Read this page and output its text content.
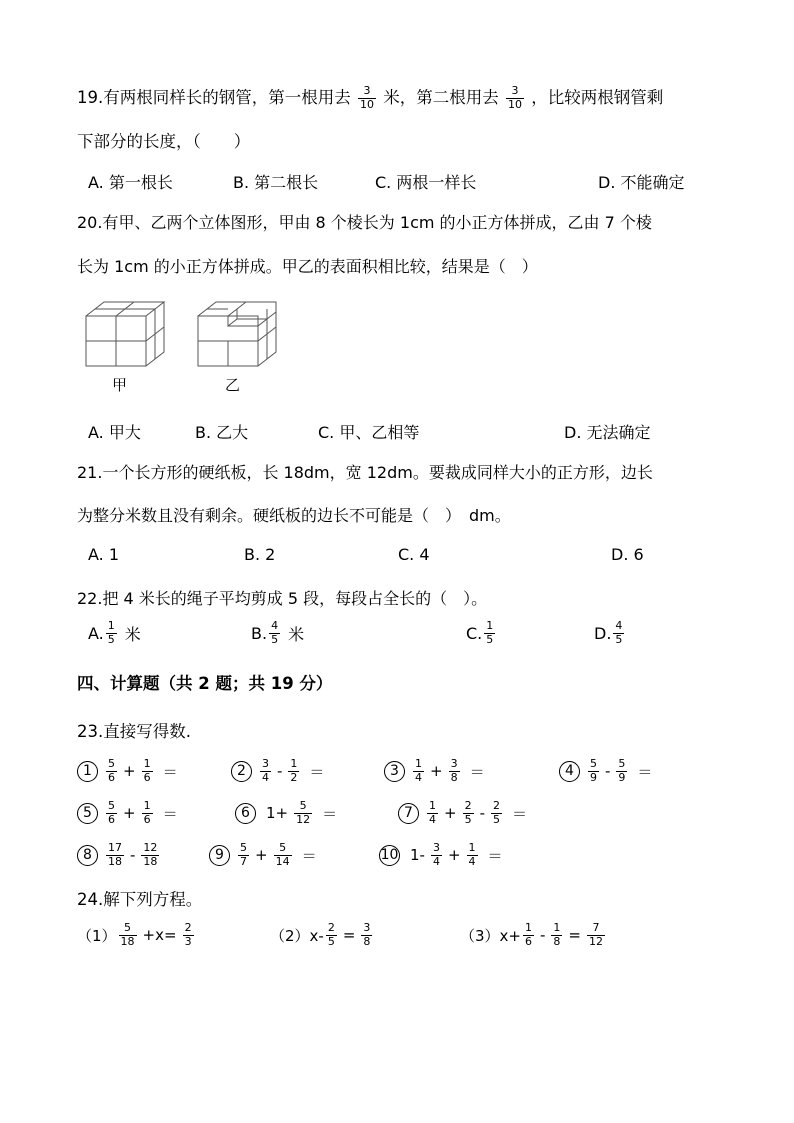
19.有两根同样长的钢管，第一根用去 $\frac{3}{10}$ 米，第二根用去 $\frac{3}{10}$ ，比较两根钢管剩
下部分的长度，（　　）
A. 第一根长	B. 第二根长	C. 两根一样长	D. 不能确定
20.有甲、乙两个立体图形，甲由 8 个棱长为 1cm 的小正方体拼成，乙由 7 个棱
长为 1cm 的小正方体拼成。甲乙的表面积相比较，结果是（　）
甲	乙
A. 甲大	B. 乙大	C. 甲、乙相等	D. 无法确定
21.一个长方形的硬纸板，长 18dm，宽 12dm。要裁成同样大小的正方形，边长
为整分米数且没有剩余。硬纸板的边长不可能是（　）　dm。
A. 1	B. 2	C. 4	D. 6
22.把 4 米长的绳子平均剪成 5 段，每段占全长的（　）。
A. $\frac{1}{5}$ 米	B. $\frac{4}{5}$ 米	C. $\frac{1}{5}$	D. $\frac{4}{5}$
四、计算题（共 2 题；共 19 分）
23.直接写得数.
1	$\frac{5}{6} + \frac{1}{6}$ ＝	2	$\frac{3}{4} - \frac{1}{2}$ ＝	3	$\frac{1}{4} + \frac{3}{8}$ ＝	4	$\frac{5}{9} - \frac{5}{9}$ ＝
5	$\frac{5}{6} + \frac{1}{6}$ ＝	6	$1+ \frac{5}{12}$ ＝	7	$\frac{1}{4} + \frac{2}{5} - \frac{2}{5}$ ＝
8	$\frac{17}{18} - \frac{12}{18}$	9	$\frac{5}{7} + \frac{5}{14}$ ＝	10 $1- \frac{3}{4} + \frac{1}{4}$ ＝
24.解下列方程。
$(1) \frac{5}{18} +x= \frac{2}{3}$	$(2)x- \frac{2}{5} = \frac{3}{8}$	$(3)x+ \frac{1}{6} - \frac{1}{8} = \frac{7}{12}$
